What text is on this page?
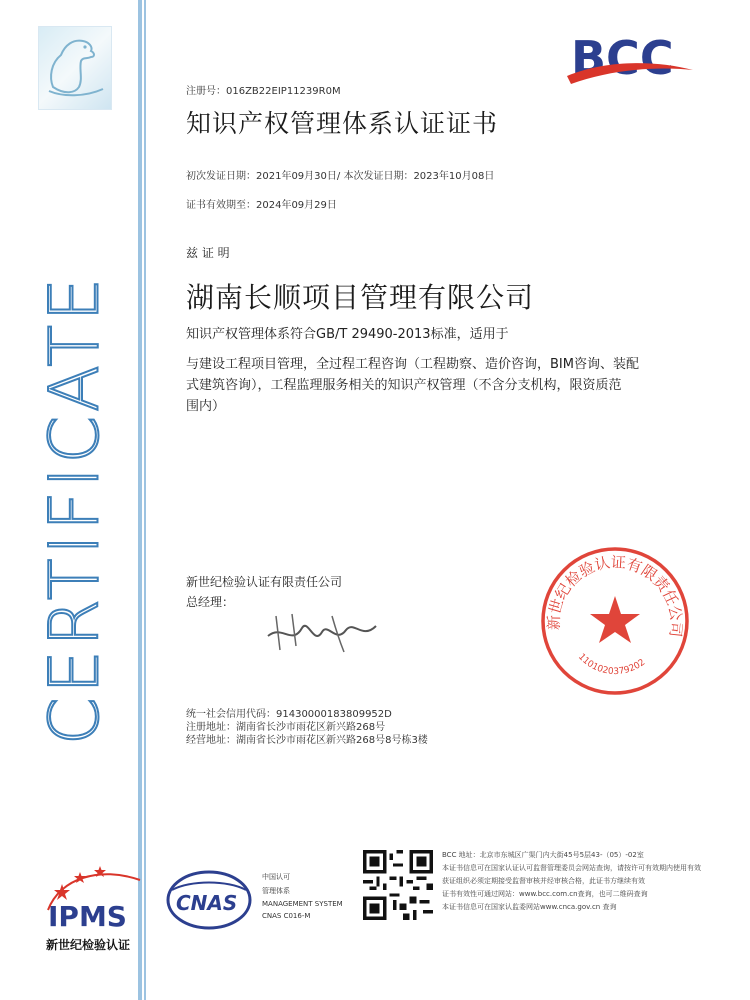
CERTIFICATE
BCC
注册号：016ZB22EIP11239R0M
知识产权管理体系认证证书
初次发证日期：2021年09月30日/ 本次发证日期：2023年10月08日
证书有效期至：2024年09月29日
兹 证 明
湖南长顺项目管理有限公司
知识产权管理体系符合GB/T 29490-2013标准，适用于
与建设工程项目管理，全过程工程咨询（工程勘察、造价咨询，BIM咨询、装配
式建筑咨询），工程监理服务相关的知识产权管理（不含分支机构，限资质范
围内）
新世纪检验认证有限责任公司
总经理：
新世纪检验认证有限责任公司
1101020379202
统一社会信用代码：91430000183809952D
注册地址：湖南省长沙市雨花区新兴路268号
经营地址：湖南省长沙市雨花区新兴路268号8号栋3楼
IPMS
新世纪检验认证
CNAS
中国认可
管理体系
MANAGEMENT SYSTEM
CNAS C016-M
BCC 地址：北京市东城区广渠门内大街45号5层43-（05）-02室
本证书信息可在国家认证认可监督管理委员会网站查询，请按许可有效期内使用有效
获证组织必须定期接受监督审核并经审核合格，此证书方继续有效
证书有效性可通过网站：www.bcc.com.cn查询，也可二维码查询
本证书信息可在国家认监委网站www.cnca.gov.cn 查询
